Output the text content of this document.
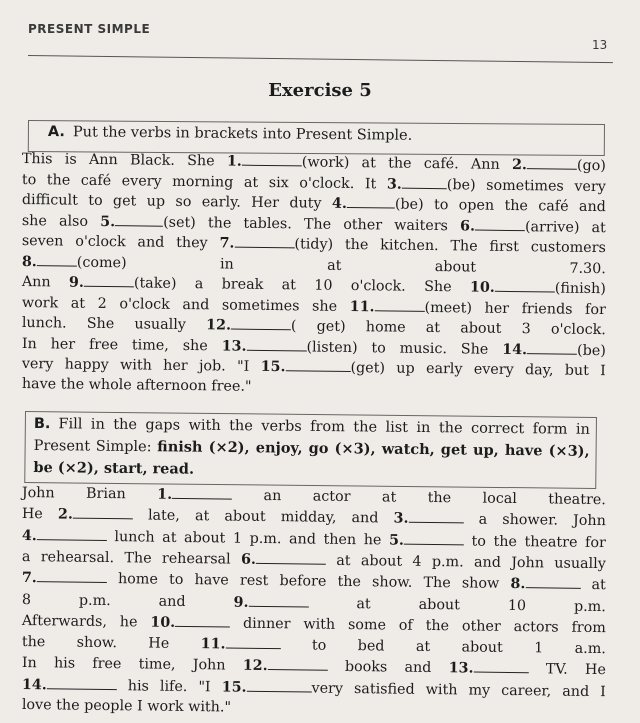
PRESENT SIMPLE
13
Exercise 5
A. Put the verbs in brackets into Present Simple.
This is Ann Black. She 1.	(work) at the café. Ann 2.	(go)
to the café every morning at six o'clock. It 3.	(be) sometimes very
difficult to get up so early. Her duty 4.	(be) to open the café and
she also 5.	(set) the tables. The other waiters 6.	(arrive) at
seven o'clock and they 7.	(tidy) the kitchen. The first customers
8.	(come) in at about 7.30.
Ann 9.	(take) a break at 10 o'clock. She 10.	(finish)
work at 2 o'clock and sometimes she 11.	(meet) her friends for
lunch. She usually 12.	( get) home at about 3 o'clock.
In her free time, she 13.	(listen) to music. She 14.	(be)
very happy with her job. "I 15.	(get) up early every day, but I
have the whole afternoon free."
B. Fill in the gaps with the verbs from the list in the correct form in Present Simple: finish (×2), enjoy, go (×3), watch, get up, have (×3), be (×2), start, read.
John Brian 1.	an actor at the local theatre.
He 2.	late, at about midday, and 3.	a shower. John
4.	lunch at about 1 p.m. and then he 5.	to the theatre for
a rehearsal. The rehearsal 6.	at about 4 p.m. and John usually
7.	home to have rest before the show. The show 8.	at
8 p.m. and 9.	at about 10 p.m.
Afterwards, he 10.	dinner with some of the other actors from
the show. He 11.	to bed at about 1 a.m.
In his free time, John 12.	books and 13.	TV. He
14.	his life. "I 15.	very satisfied with my career, and I
love the people I work with."
